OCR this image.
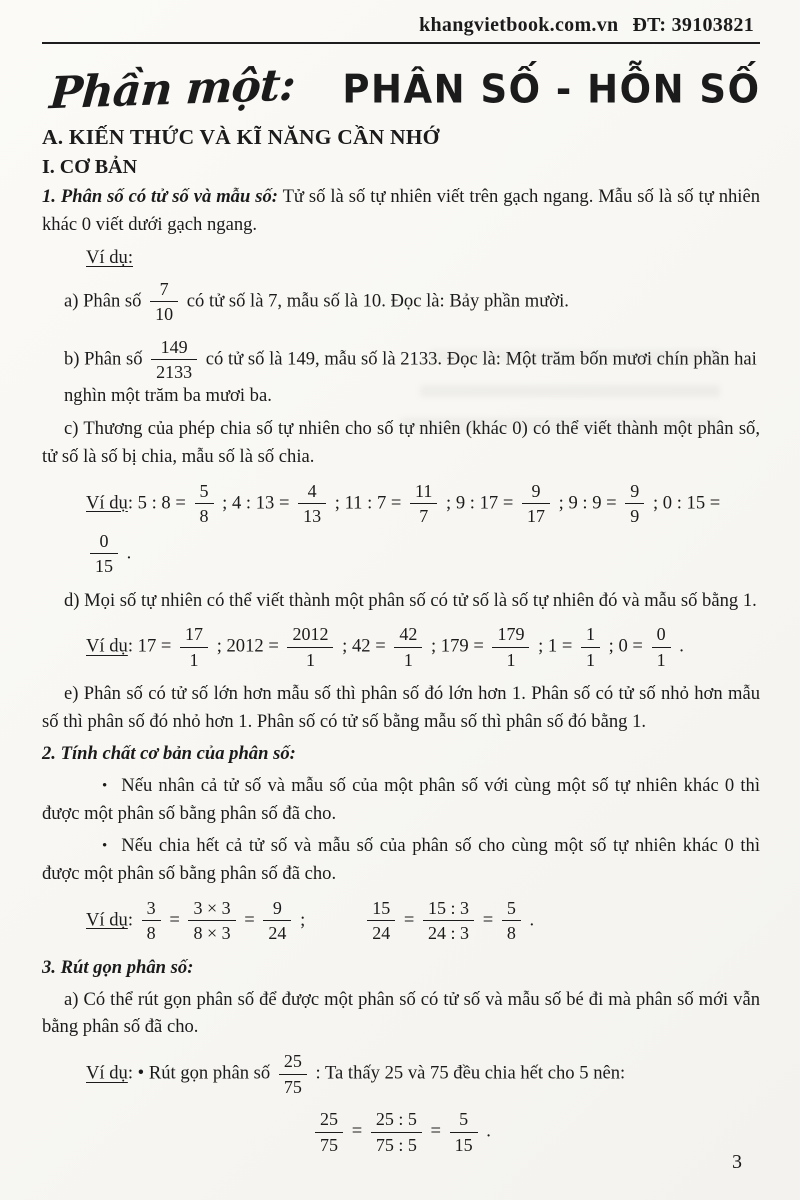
khangvietbook.com.vn ĐT: 39103821
Phần một: PHÂN SỐ - HỖN SỐ
A. KIẾN THỨC VÀ KĨ NĂNG CẦN NHỚ
I. CƠ BẢN

1. Phân số có tử số và mẫu số: Tử số là số tự nhiên viết trên gạch ngang. Mẫu số là số tự nhiên khác 0 viết dưới gạch ngang.

Ví dụ:
a) Phân số $\frac{7}{10}$ có tử số là 7, mẫu số là 10. Đọc là: Bảy phần mười.
b) Phân số $\frac{149}{2133}$ có tử số là 149, mẫu số là 2133. Đọc là: Một trăm bốn mươi chín phần hai nghìn một trăm ba mươi ba.

c) Thương của phép chia số tự nhiên cho số tự nhiên (khác 0) có thể viết thành một phân số, tử số là số bị chia, mẫu số là số chia.

Ví dụ: 5 : $8 = \frac{5}{8}$ ; 4 : $13 = \frac{4}{13}$ ; 11 : $7 = \frac{11}{7}$ ; 9 : $17 = \frac{9}{17}$ ; 9 : $9 = \frac{9}{9}$ ; 0 : 15 =
$\frac{0}{15}$ .

d) Mọi số tự nhiên có thể viết thành một phân số có tử số là số tự nhiên đó và mẫu số bằng 1.

Ví dụ: $17 = \frac{17}{1}$ ; $2012 = \frac{2012}{1}$ ; $42 = \frac{42}{1}$ ; $179 = \frac{179}{1}$ ; $1 = \frac{1}{1}$ ; $0 = \frac{0}{1}$ .

e) Phân số có tử số lớn hơn mẫu số thì phân số đó lớn hơn 1. Phân số có tử số nhỏ hơn mẫu số thì phân số đó nhỏ hơn 1. Phân số có tử số bằng mẫu số thì phân số đó bằng 1.

2. Tính chất cơ bản của phân số:

• Nếu nhân cả tử số và mẫu số của một phân số với cùng một số tự nhiên khác 0 thì được một phân số bằng phân số đã cho.

• Nếu chia hết cả tử số và mẫu số của phân số cho cùng một số tự nhiên khác 0 thì được một phân số bằng phân số đã cho.

Ví dụ: $\frac{3}{8} = \frac{3 \times 3}{8 \times 3} = \frac{9}{24}$ ;	$\frac{15}{24} = \frac{15 : 3}{24 : 3} = \frac{5}{8}$ .

3. Rút gọn phân số:

a) Có thể rút gọn phân số để được một phân số có tử số và mẫu số bé đi mà phân số mới vẫn bằng phân số đã cho.

Ví dụ: • Rút gọn phân số $\frac{25}{75}$ : Ta thấy 25 và 75 đều chia hết cho 5 nên:
$\frac{25}{75} = \frac{25 : 5}{75 : 5} = \frac{5}{15}$ .
3
